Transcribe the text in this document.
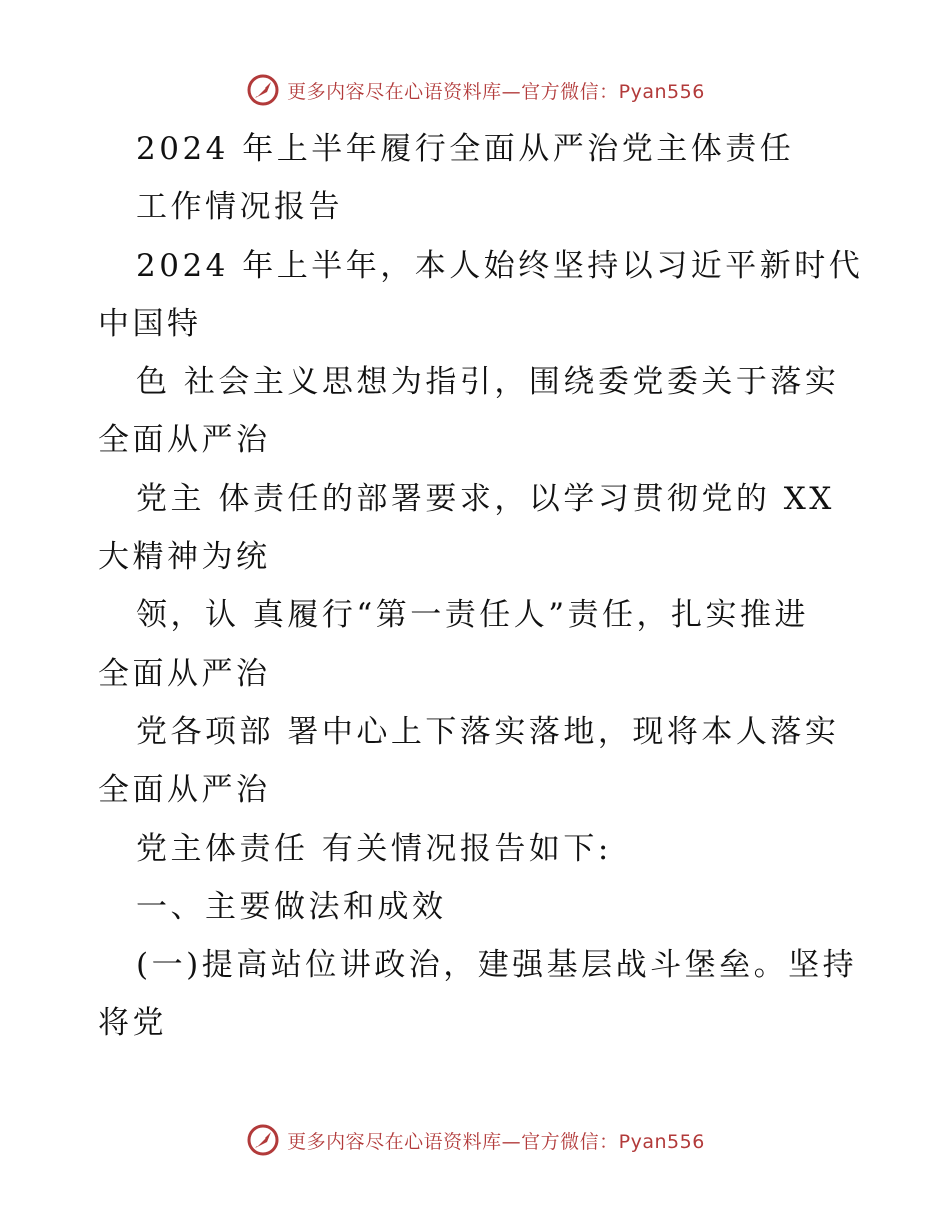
更多内容尽在心语资料库—官方微信：Pyan556
2024 年上半年履行全面从严治党主体责任
工作情况报告
2024 年上半年，本人始终坚持以习近平新时代
中国特
色 社会主义思想为指引，围绕委党委关于落实
全面从严治
党主 体责任的部署要求，以学习贯彻党的 XX
大精神为统
领，认 真履行“第一责任人”责任，扎实推进
全面从严治
党各项部 署中心上下落实落地，现将本人落实
全面从严治
党主体责任 有关情况报告如下:
一、主要做法和成效
(一)提高站位讲政治，建强基层战斗堡垒。坚持
将党
更多内容尽在心语资料库—官方微信：Pyan556
